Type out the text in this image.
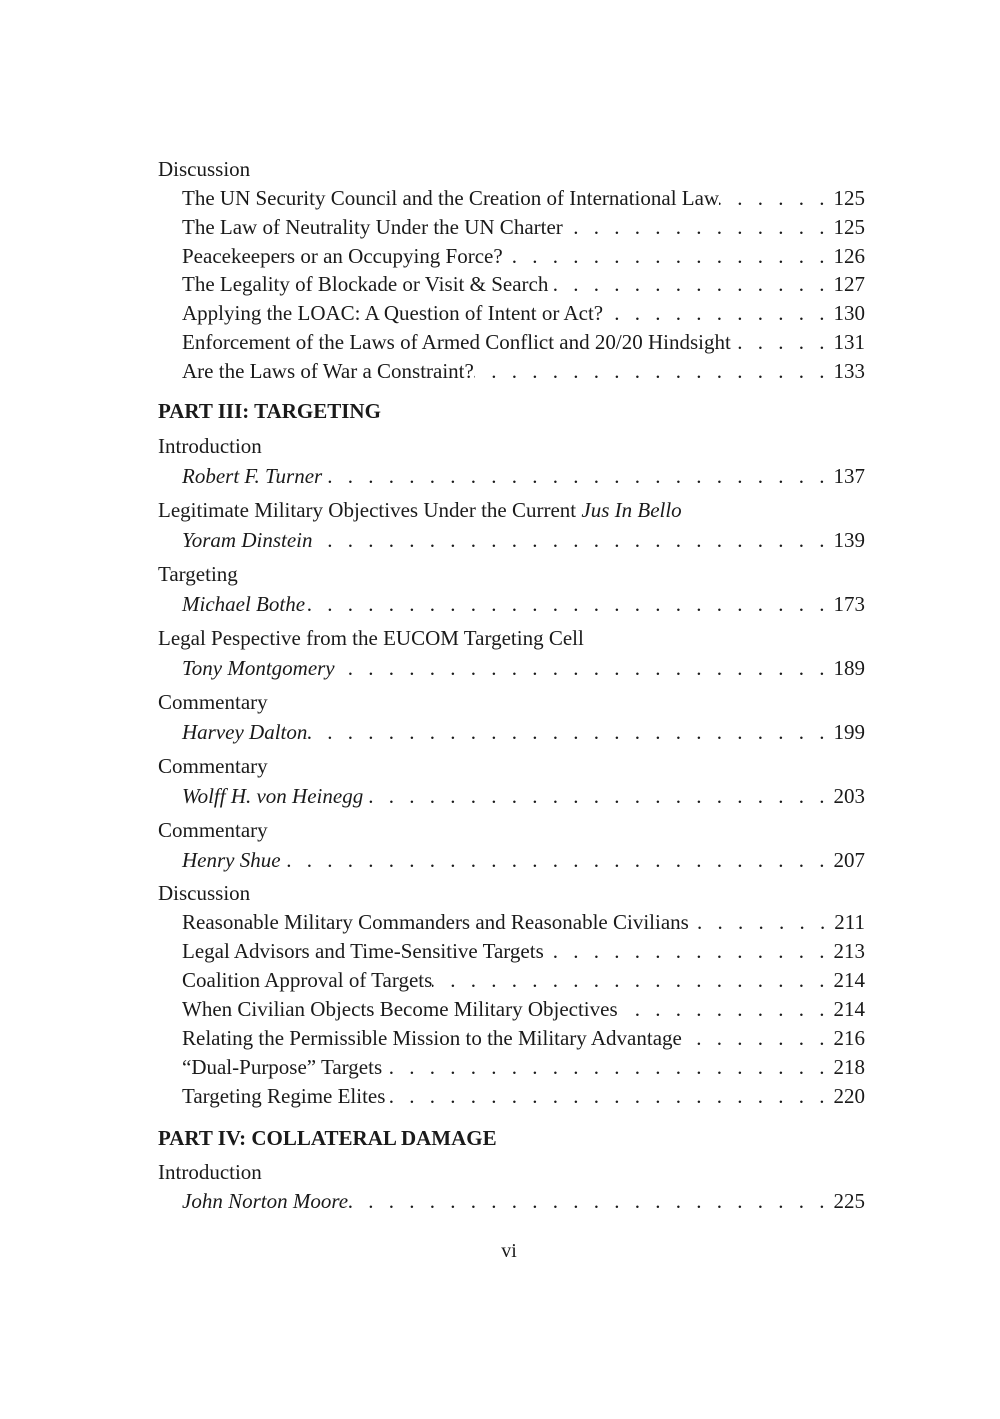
Discussion
The UN Security Council and the Creation of International Law . . .	125
The Law of Neutrality Under the UN Charter . . .	125
Peacekeepers or an Occupying Force? . . .	126
The Legality of Blockade or Visit & Search . . .	127
Applying the LOAC: A Question of Intent or Act? . . .	130
Enforcement of the Laws of Armed Conflict and 20/20 Hindsight . . .	131
Are the Laws of War a Constraint? . . .	133
PART III: TARGETING
Introduction
Robert F. Turner . . .	137
Legitimate Military Objectives Under the Current Jus In Bello
Yoram Dinstein . . .	139
Targeting
Michael Bothe . . .	173
Legal Pespective from the EUCOM Targeting Cell
Tony Montgomery . . .	189
Commentary
Harvey Dalton . . .	199
Commentary
Wolff H. von Heinegg . . .	203
Commentary
Henry Shue . . .	207
Discussion
Reasonable Military Commanders and Reasonable Civilians . . .	211
Legal Advisors and Time-Sensitive Targets . . .	213
Coalition Approval of Targets . . .	214
When Civilian Objects Become Military Objectives . . .	214
Relating the Permissible Mission to the Military Advantage . . .	216
“Dual-Purpose” Targets . . .	218
Targeting Regime Elites . . .	220
PART IV: COLLATERAL DAMAGE
Introduction
John Norton Moore . . .	225
vi
